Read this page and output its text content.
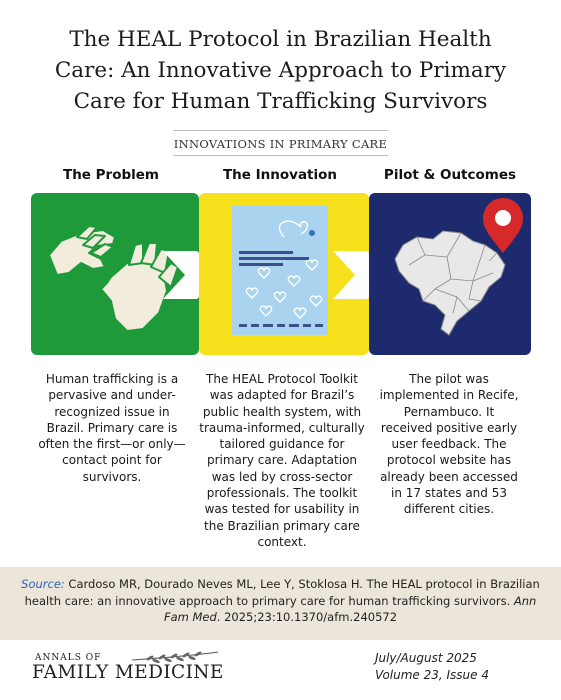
The HEAL Protocol in Brazilian Health
Care: An Innovative Approach to Primary
Care for Human Trafficking Survivors
INNOVATIONS IN PRIMARY CARE
The Problem	The Innovation	Pilot & Outcomes
Human trafficking is a pervasive and under-recognized issue in Brazil. Primary care is often the first—or only—contact point for survivors.
The HEAL Protocol Toolkit was adapted for Brazil’s public health system, with trauma-informed, culturally tailored guidance for primary care. Adaptation was led by cross-sector professionals. The toolkit was tested for usability in the Brazilian primary care context.
The pilot was implemented in Recife, Pernambuco. It received positive early user feedback. The protocol website has already been accessed in 17 states and 53 different cities.

Source: Cardoso MR, Dourado Neves ML, Lee Y, Stoklosa H. The HEAL protocol in Brazilian health care: an innovative approach to primary care for human trafficking survivors. Ann Fam Med. 2025;23:10.1370/afm.240572

ANNALS OF
FAMILY MEDICINE
July/August 2025
Volume 23, Issue 4
